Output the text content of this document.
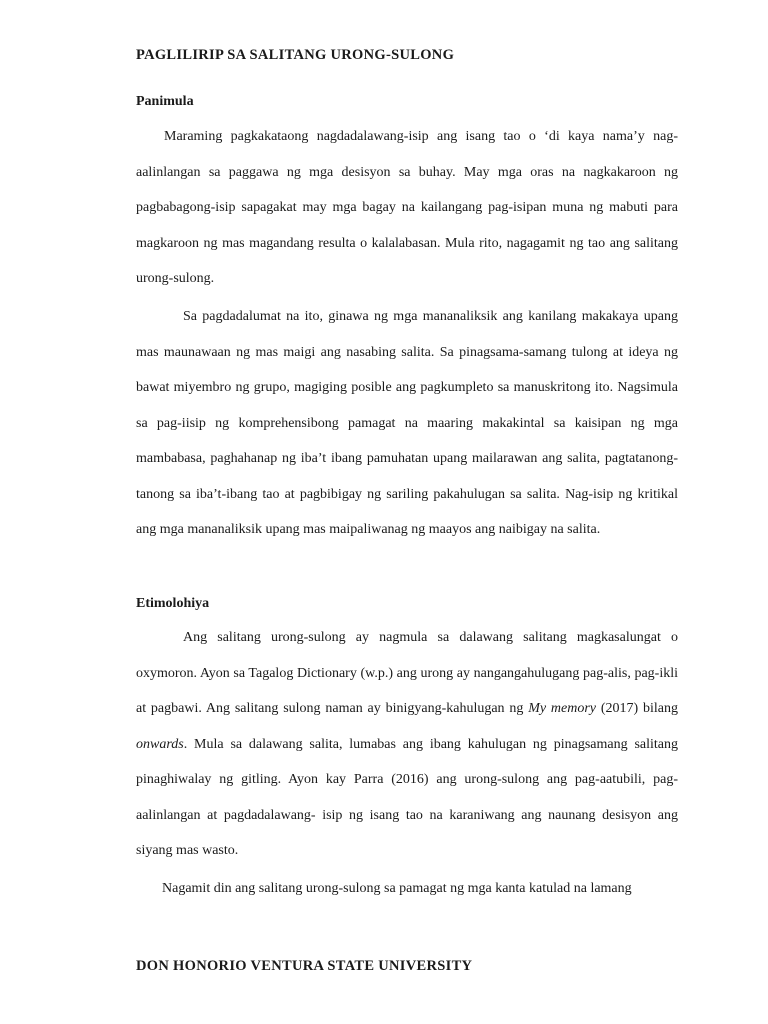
PAGLILIRIP SA SALITANG URONG-SULONG
Panimula

Maraming pagkakataong nagdadalawang-isip ang isang tao o ‘di kaya nama’y nag-aalinlangan sa paggawa ng mga desisyon sa buhay. May mga oras na nagkakaroon ng pagbabagong-isip sapagakat may mga bagay na kailangang pag-isipan muna ng mabuti para magkaroon ng mas magandang resulta o kalalabasan. Mula rito, nagagamit ng tao ang salitang urong-sulong.

Sa pagdadalumat na ito, ginawa ng mga mananaliksik ang kanilang makakaya upang mas maunawaan ng mas maigi ang nasabing salita. Sa pinagsama-samang tulong at ideya ng bawat miyembro ng grupo, magiging posible ang pagkumpleto sa manuskritong ito. Nagsimula sa pag-iisip ng komprehensibong pamagat na maaring makakintal sa kaisipan ng mga mambabasa, paghahanap ng iba’t ibang pamuhatan upang mailarawan ang salita, pagtatanong-tanong sa iba’t-ibang tao at pagbibigay ng sariling pakahulugan sa salita. Nag-isip ng kritikal ang mga mananaliksik upang mas maipaliwanag ng maayos ang naibigay na salita.

Etimolohiya

Ang salitang urong-sulong ay nagmula sa dalawang salitang magkasalungat o oxymoron. Ayon sa Tagalog Dictionary (w.p.) ang urong ay nangangahulugang pag-alis, pag-ikli at pagbawi. Ang salitang sulong naman ay binigyang-kahulugan ng My memory (2017) bilang onwards. Mula sa dalawang salita, lumabas ang ibang kahulugan ng pinagsamang salitang pinaghiwalay ng gitling. Ayon kay Parra (2016) ang urong-sulong ang pag-aatubili, pag-aalinlangan at pagdadalawang- isip ng isang tao na karaniwang ang naunang desisyon ang siyang mas wasto.

Nagamit din ang salitang urong-sulong sa pamagat ng mga kanta katulad na lamang

DON HONORIO VENTURA STATE UNIVERSITY
